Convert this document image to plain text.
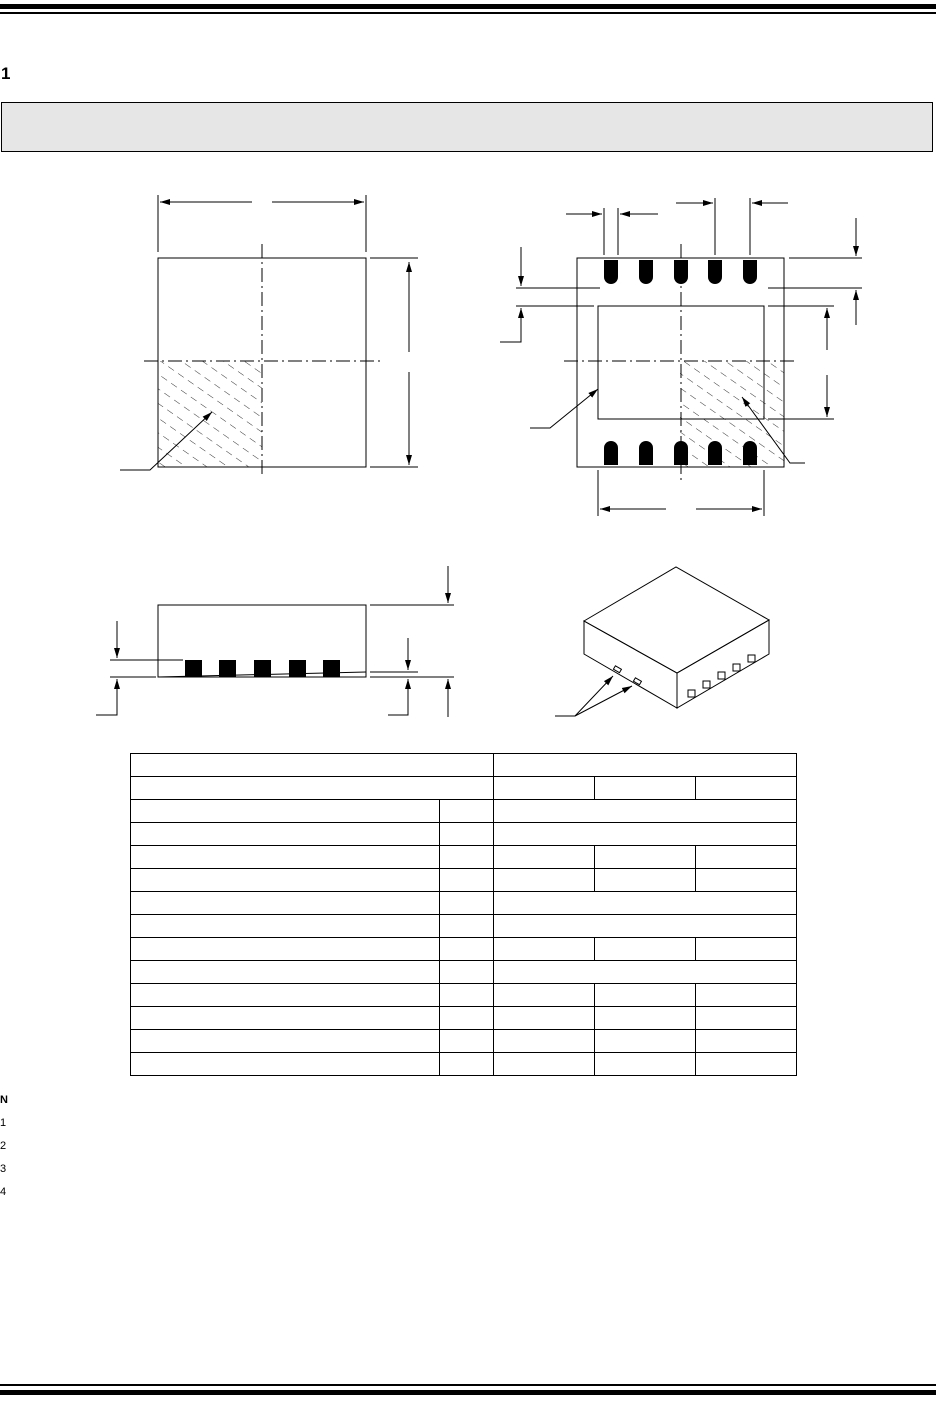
1

N
1
2
3
4
